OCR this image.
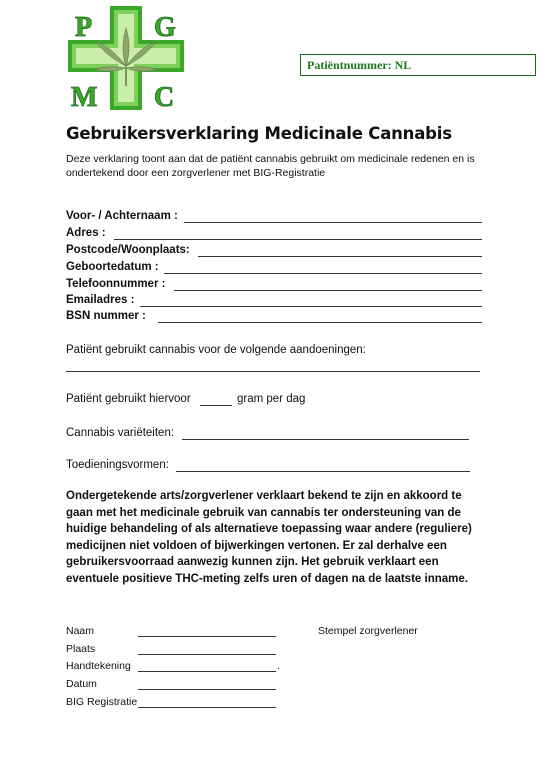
P G
M C
Patiëntnummer: NL
Gebruikersverklaring Medicinale Cannabis
Deze verklaring toont aan dat de patiënt cannabis gebruikt om medicinale redenen en is ondertekend door een zorgverlener met BIG-Registratie
Voor- / Achternaam :
Adres :
Postcode/Woonplaats:
Geboortedatum :
Telefoonnummer :
Emailadres :
BSN nummer :
Patiënt gebruikt cannabis voor de volgende aandoeningen:
Patiënt gebruikt hiervoor	gram per dag
Cannabis variëteiten:
Toedieningsvormen:
Ondergetekende arts/zorgverlener verklaart bekend te zijn en akkoord te gaan met het medicinale gebruik van cannabis ter ondersteuning van de huidige behandeling of als alternatieve toepassing waar andere (reguliere) medicijnen niet voldoen of bijwerkingen vertonen. Er zal derhalve een gebruikersvoorraad aanwezig kunnen zijn. Het gebruik verklaart een eventuele positieve THC-meting zelfs uren of dagen na de laatste inname.
Naam
Plaats
Handtekening	.
Datum
BIG Registratie
Stempel zorgverlener
